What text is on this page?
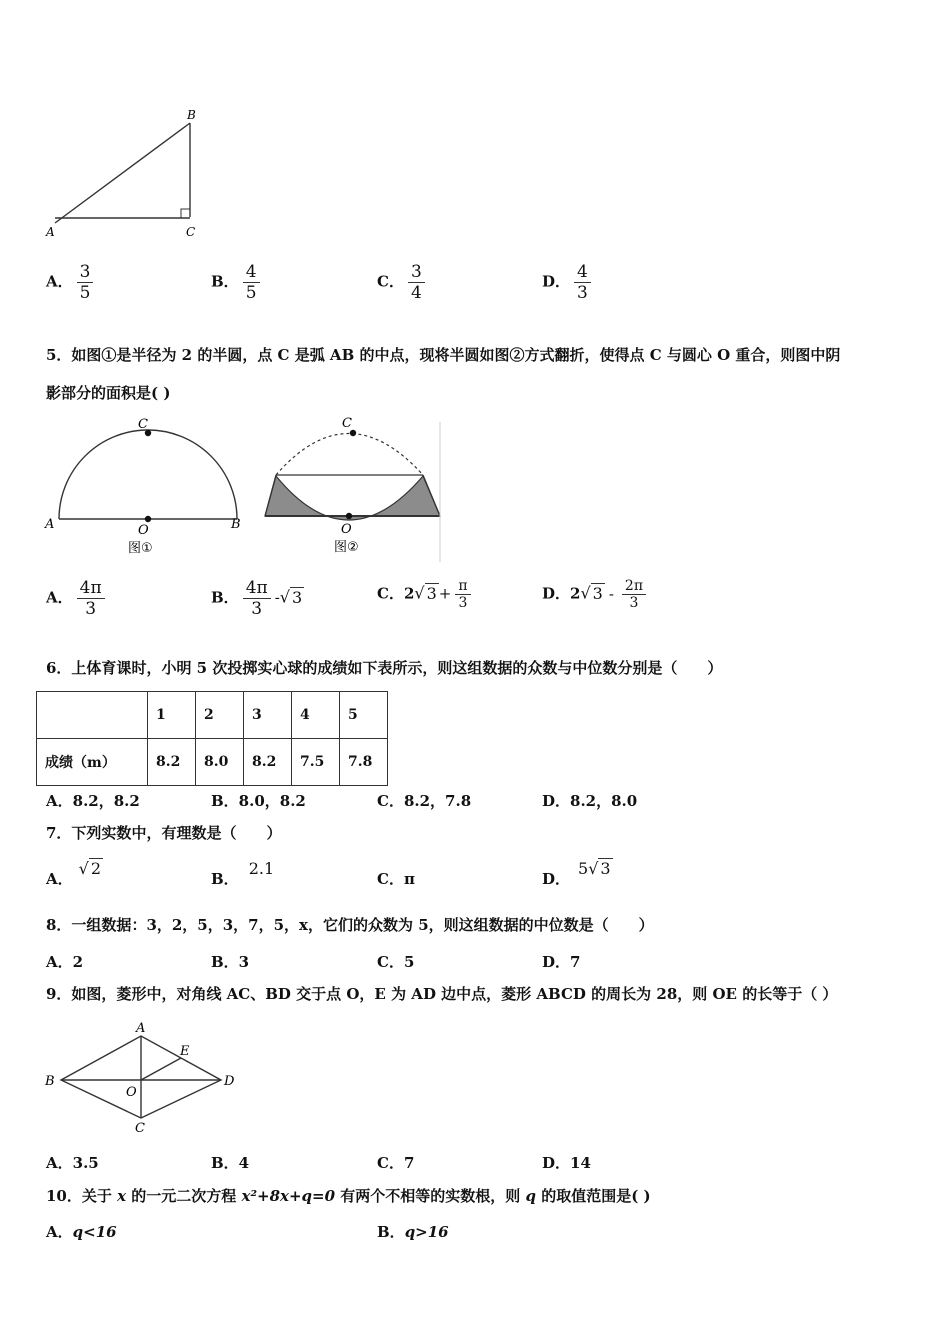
B
A	C
A． $\frac{3}{5}$	B． $\frac{4}{5}$	C． $\frac{3}{4}$	D． $\frac{4}{3}$
5．如图①是半径为 2 的半圆，点 C 是弧 AB 的中点，现将半圆如图②方式翻折，使得点 C 与圆心 O 重合，则图中阴
影部分的面积是( )
C
A	B
O
图①
C
O
图②
A． $\frac{4\pi}{3}$	B． $\frac{4\pi}{3}$ -√ 3	C．2√ $3 + \frac{\pi}{3}$	D．2√ $3 - \frac{2\pi}{3}$
6．上体育课时，小明 5 次投掷实心球的成绩如下表所示，则这组数据的众数与中位数分别是（　　）
	1	2	3	4	5
成绩（m）	8.2	8.0	8.2	7.5	7.8
A．8.2，8.2	B．8.0，8.2	C．8.2，7.8	D．8.2，8.0
7．下列实数中，有理数是（　　）
A．√ 2
B．2.1
C．π	D．5√ 3
8．一组数据：3，2，5，3，7，5，x，它们的众数为 5，则这组数据的中位数是（　　）
A．2	B．3	C．5	D．7
9．如图，菱形中，对角线 AC、BD 交于点 O，E 为 AD 边中点，菱形 ABCD 的周长为 28，则 OE 的长等于（ ）
A
B
C
D
E
O
A．3.5	B．4	C．7	D．14
10．关于 x 的一元二次方程 x²+8x+q=0 有两个不相等的实数根，则 q 的取值范围是( )
A．q<16	B．q>16
